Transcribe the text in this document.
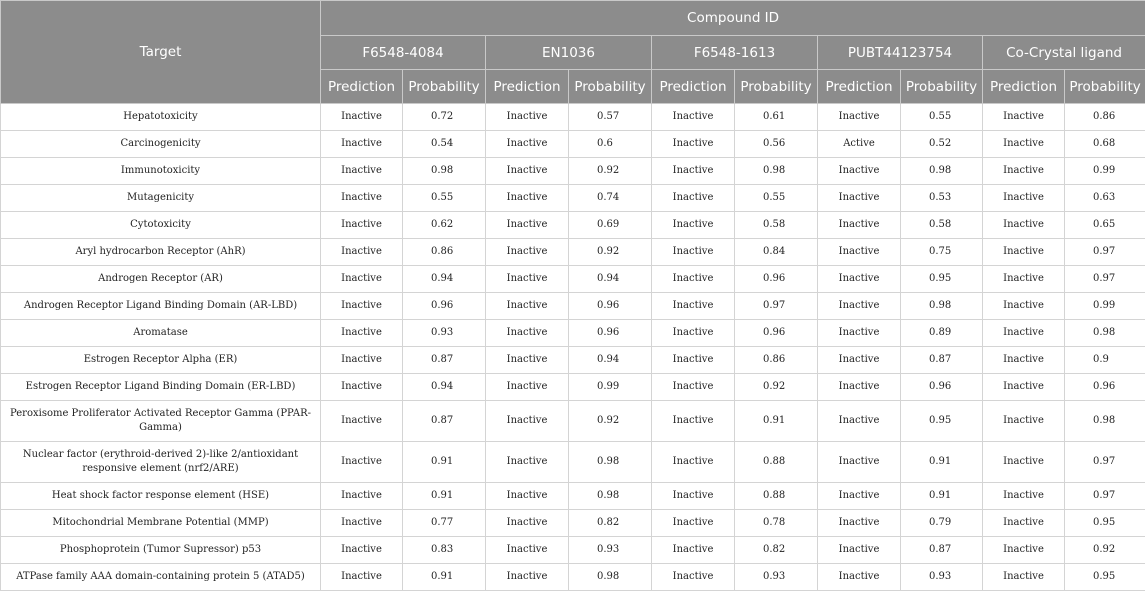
Target	Compound ID									
	F6548-4084		EN1036		F6548-1613		PUBT44123754		Co-Crystal ligand	
	Prediction	Probability	Prediction	Probability	Prediction	Probability	Prediction	Probability	Prediction	Probability
Hepatotoxicity	Inactive	0.72	Inactive	0.57	Inactive	0.61	Inactive	0.55	Inactive	0.86
Carcinogenicity	Inactive	0.54	Inactive	0.6	Inactive	0.56	Active	0.52	Inactive	0.68
Immunotoxicity	Inactive	0.98	Inactive	0.92	Inactive	0.98	Inactive	0.98	Inactive	0.99
Mutagenicity	Inactive	0.55	Inactive	0.74	Inactive	0.55	Inactive	0.53	Inactive	0.63
Cytotoxicity	Inactive	0.62	Inactive	0.69	Inactive	0.58	Inactive	0.58	Inactive	0.65
Aryl hydrocarbon Receptor (AhR)	Inactive	0.86	Inactive	0.92	Inactive	0.84	Inactive	0.75	Inactive	0.97
Androgen Receptor (AR)	Inactive	0.94	Inactive	0.94	Inactive	0.96	Inactive	0.95	Inactive	0.97
Androgen Receptor Ligand Binding Domain (AR-LBD)	Inactive	0.96	Inactive	0.96	Inactive	0.97	Inactive	0.98	Inactive	0.99
Aromatase	Inactive	0.93	Inactive	0.96	Inactive	0.96	Inactive	0.89	Inactive	0.98
Estrogen Receptor Alpha (ER)	Inactive	0.87	Inactive	0.94	Inactive	0.86	Inactive	0.87	Inactive	0.9
Estrogen Receptor Ligand Binding Domain (ER-LBD)	Inactive	0.94	Inactive	0.99	Inactive	0.92	Inactive	0.96	Inactive	0.96
Peroxisome Proliferator Activated Receptor Gamma (PPAR-Gamma)	Inactive	0.87	Inactive	0.92	Inactive	0.91	Inactive	0.95	Inactive	0.98
Nuclear factor (erythroid-derived 2)-like 2/antioxidant responsive element (nrf2/ARE)	Inactive	0.91	Inactive	0.98	Inactive	0.88	Inactive	0.91	Inactive	0.97
Heat shock factor response element (HSE)	Inactive	0.91	Inactive	0.98	Inactive	0.88	Inactive	0.91	Inactive	0.97
Mitochondrial Membrane Potential (MMP)	Inactive	0.77	Inactive	0.82	Inactive	0.78	Inactive	0.79	Inactive	0.95
Phosphoprotein (Tumor Supressor) p53	Inactive	0.83	Inactive	0.93	Inactive	0.82	Inactive	0.87	Inactive	0.92
ATPase family AAA domain-containing protein 5 (ATAD5)	Inactive	0.91	Inactive	0.98	Inactive	0.93	Inactive	0.93	Inactive	0.95
